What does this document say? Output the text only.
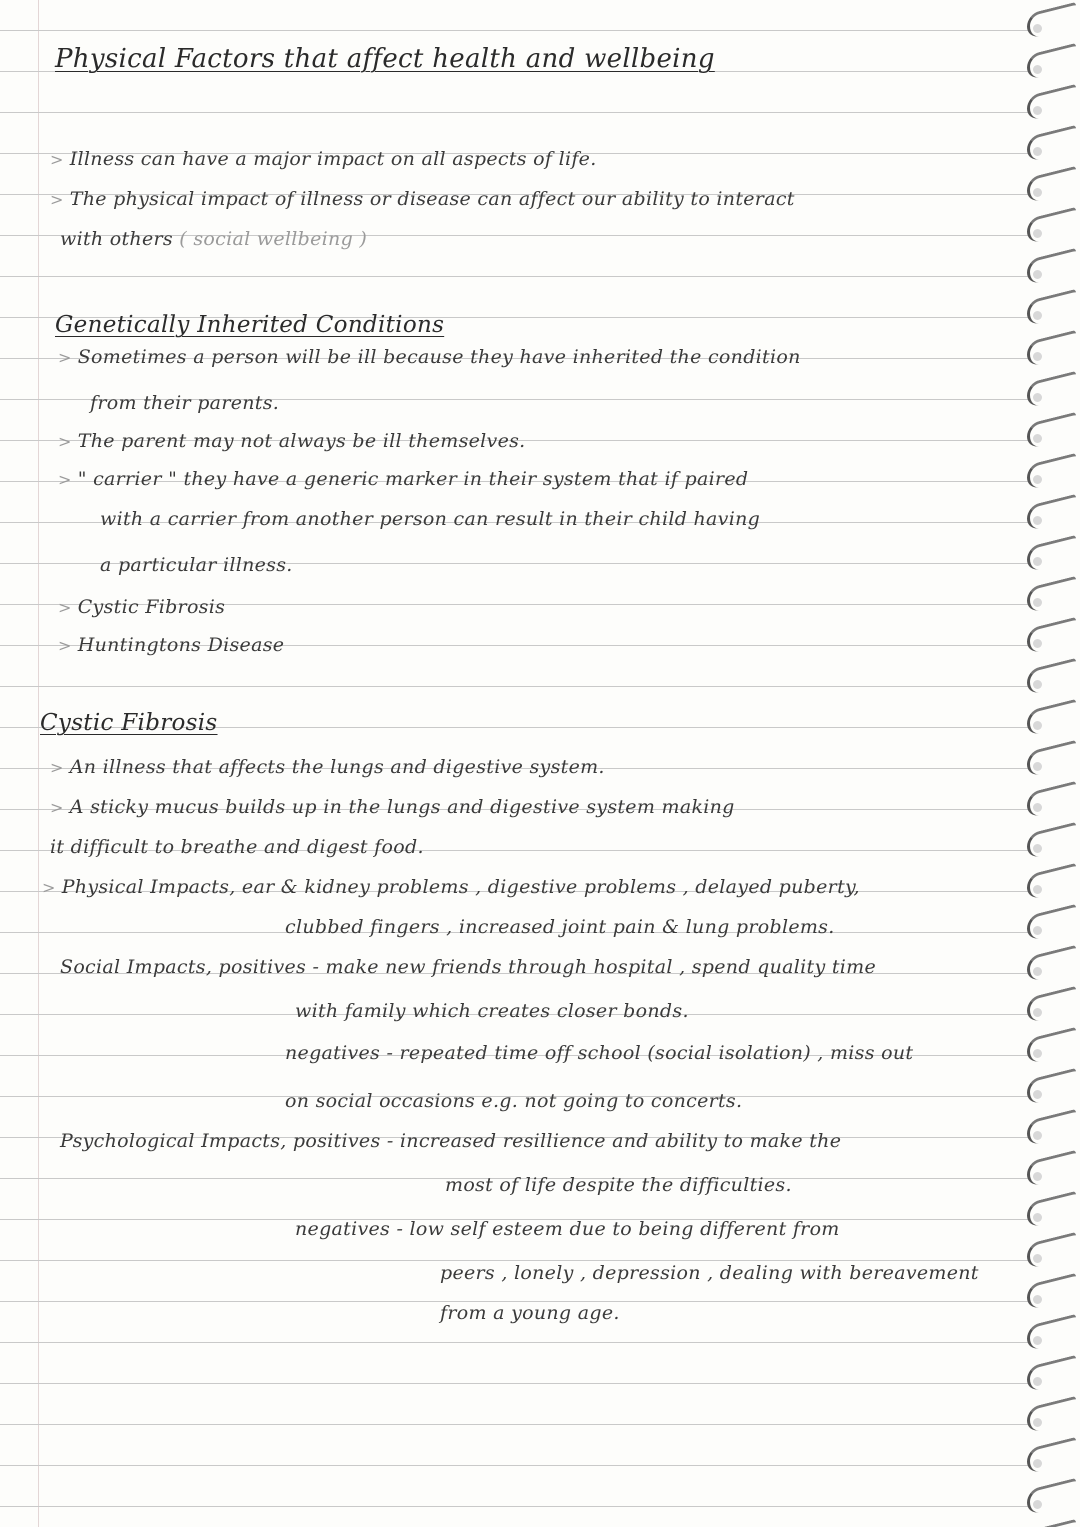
Physical Factors that affect health and wellbeing
> Illness can have a major impact on all aspects of life.
> The physical impact of illness or disease can affect our ability to interact
with others ( social wellbeing )
Genetically Inherited Conditions
> Sometimes a person will be ill because they have inherited the condition
from their parents.
> The parent may not always be ill themselves.
> " carrier " they have a generic marker in their system that if paired
with a carrier from another person can result in their child having
a particular illness.
> Cystic Fibrosis
> Huntingtons Disease
Cystic Fibrosis
> An illness that affects the lungs and digestive system.
> A sticky mucus builds up in the lungs and digestive system making
it difficult to breathe and digest food.
> Physical Impacts, ear & kidney problems , digestive problems , delayed puberty,
clubbed fingers , increased joint pain & lung problems.
Social Impacts, positives - make new friends through hospital , spend quality time
with family which creates closer bonds.
negatives - repeated time off school (social isolation) , miss out
on social occasions e.g. not going to concerts.
Psychological Impacts, positives - increased resillience and ability to make the
most of life despite the difficulties.
negatives - low self esteem due to being different from
peers , lonely , depression , dealing with bereavement
from a young age.
